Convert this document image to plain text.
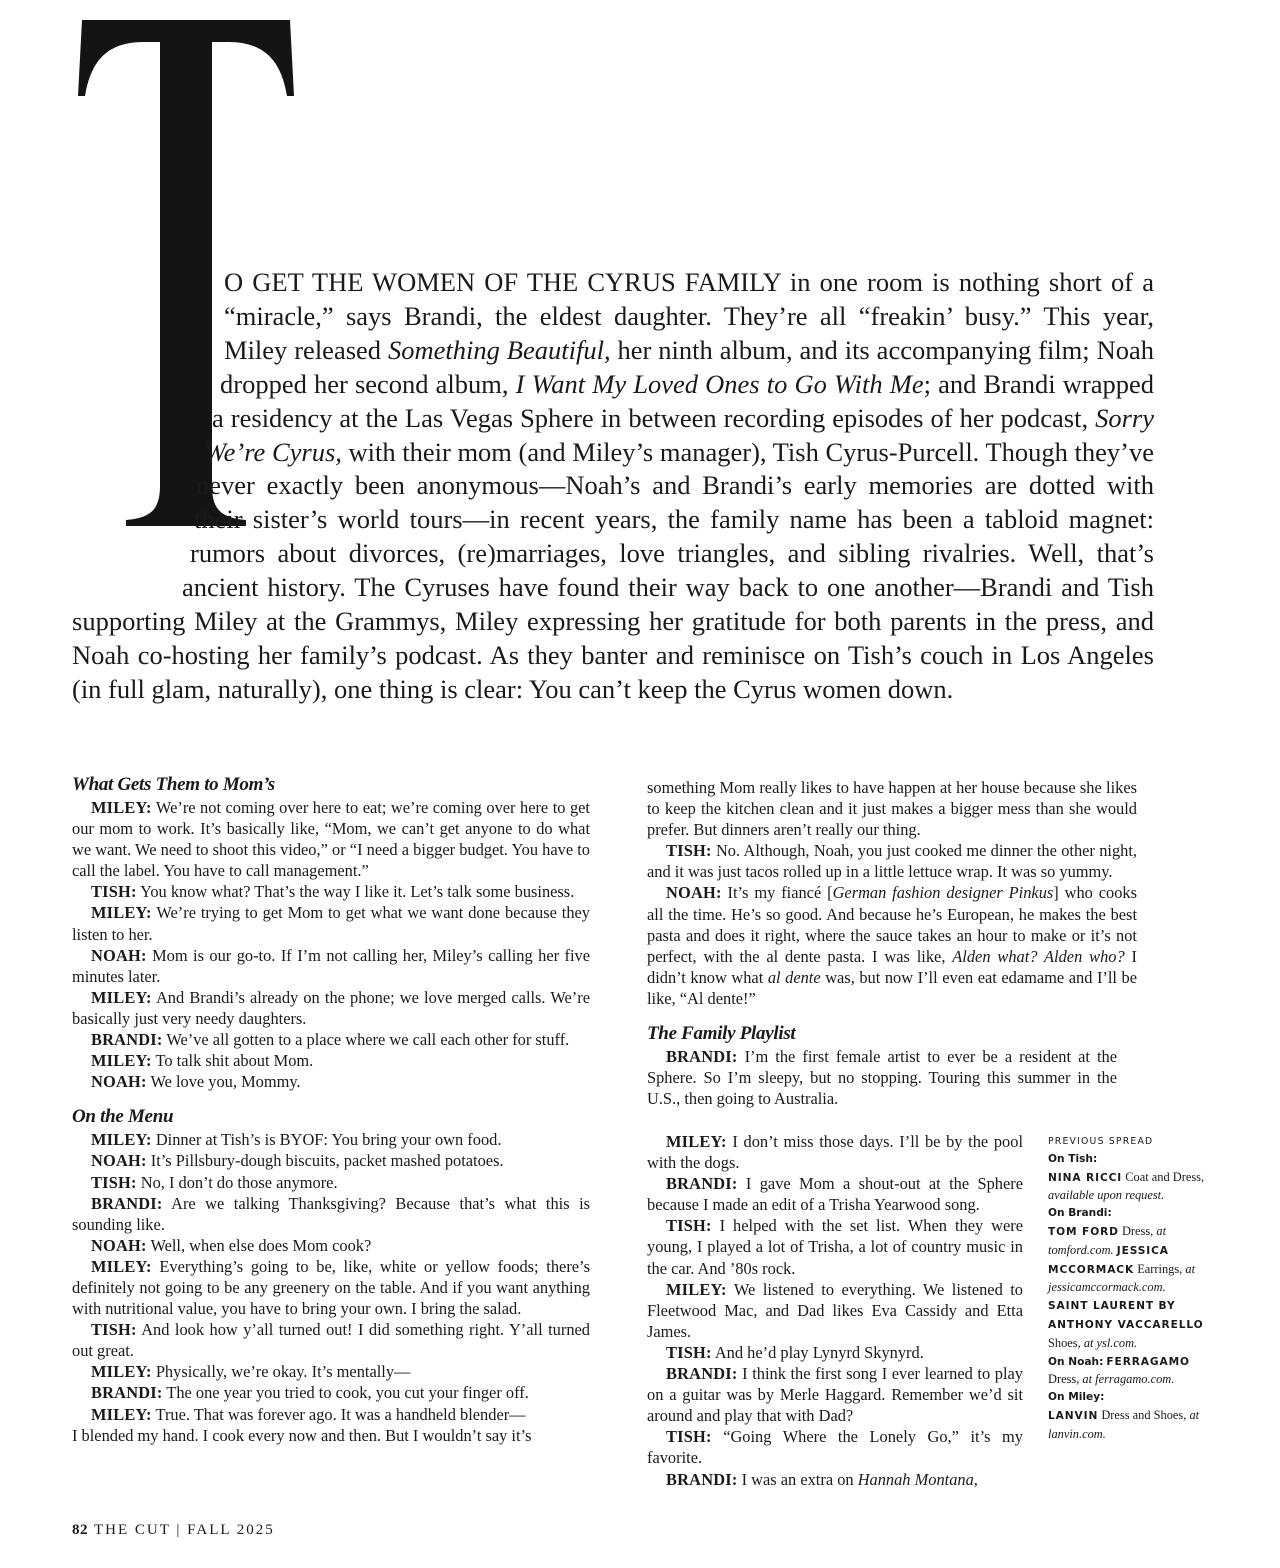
O GET THE WOMEN OF THE CYRUS FAMILY in one room is nothing short of a “miracle,” says Brandi, the eldest daughter. They’re all “freakin’ busy.” This year, Miley released Something Beautiful, her ninth album, and its accompanying film; Noah dropped her second album, I Want My Loved Ones to Go With Me; and Brandi wrapped a residency at the Las Vegas Sphere in between recording episodes of her podcast, Sorry We’re Cyrus, with their mom (and Miley’s manager), Tish Cyrus-Purcell. Though they’ve never exactly been anonymous—Noah’s and Brandi’s early memories are dotted with their sister’s world tours—in recent years, the family name has been a tabloid magnet: rumors about divorces, (re)marriages, love triangles, and sibling rivalries. Well, that’s ancient history. The Cyruses have found their way back to one another—Brandi and Tish supporting Miley at the Grammys, Miley expressing her gratitude for both parents in the press, and Noah co-hosting her family’s podcast. As they banter and reminisce on Tish’s couch in Los Angeles (in full glam, naturally), one thing is clear: You can’t keep the Cyrus women down.

What Gets Them to Mom’s

MILEY: We’re not coming over here to eat; we’re coming over here to get our mom to work. It’s basically like, “Mom, we can’t get anyone to do what we want. We need to shoot this video,” or “I need a bigger budget. You have to call the label. You have to call management.”

TISH: You know what? That’s the way I like it. Let’s talk some business.

MILEY: We’re trying to get Mom to get what we want done because they listen to her.

NOAH: Mom is our go-to. If I’m not calling her, Miley’s calling her five minutes later.

MILEY: And Brandi’s already on the phone; we love merged calls. We’re basically just very needy daughters.

BRANDI: We’ve all gotten to a place where we call each other for stuff.

MILEY: To talk shit about Mom.

NOAH: We love you, Mommy.

On the Menu

MILEY: Dinner at Tish’s is BYOF: You bring your own food.

NOAH: It’s Pillsbury-dough biscuits, packet mashed potatoes.

TISH: No, I don’t do those anymore.

BRANDI: Are we talking Thanksgiving? Because that’s what this is sounding like.

NOAH: Well, when else does Mom cook?

MILEY: Everything’s going to be, like, white or yellow foods; there’s definitely not going to be any greenery on the table. And if you want anything with nutritional value, you have to bring your own. I bring the salad.

TISH: And look how y’all turned out! I did something right. Y’all turned out great.

MILEY: Physically, we’re okay. It’s mentally—

BRANDI: The one year you tried to cook, you cut your finger off.

MILEY: True. That was forever ago. It was a handheld blender—

I blended my hand. I cook every now and then. But I wouldn’t say it’s

something Mom really likes to have happen at her house because she likes to keep the kitchen clean and it just makes a bigger mess than she would prefer. But dinners aren’t really our thing.

TISH: No. Although, Noah, you just cooked me dinner the other night, and it was just tacos rolled up in a little lettuce wrap. It was so yummy.

NOAH: It’s my fiancé [German fashion designer Pinkus] who cooks all the time. He’s so good. And because he’s European, he makes the best pasta and does it right, where the sauce takes an hour to make or it’s not perfect, with the al dente pasta. I was like, Alden what? Alden who? I didn’t know what al dente was, but now I’ll even eat edamame and I’ll be like, “Al dente!”

The Family Playlist

BRANDI: I’m the first female artist to ever be a resident at the Sphere. So I’m sleepy, but no stopping. Touring this summer in the U.S., then going to Australia.

MILEY: I don’t miss those days. I’ll be by the pool with the dogs.

BRANDI: I gave Mom a shout-out at the Sphere because I made an edit of a Trisha Yearwood song.

TISH: I helped with the set list. When they were young, I played a lot of Trisha, a lot of country music in the car. And ’80s rock.

MILEY: We listened to everything. We listened to Fleetwood Mac, and Dad likes Eva Cassidy and Etta James.

TISH: And he’d play Lynyrd Skynyrd.

BRANDI: I think the first song I ever learned to play on a guitar was by Merle Haggard. Remember we’d sit around and play that with Dad?

TISH: “Going Where the Lonely Go,” it’s my favorite.

BRANDI: I was an extra on Hannah Montana,

PREVIOUS SPREAD
On Tish:
NINA RICCI Coat and Dress, available upon request.
On Brandi:
TOM FORD Dress, at tomford.com. JESSICA MCCORMACK Earrings, at jessicamccormack.com. SAINT LAURENT BY ANTHONY VACCARELLO Shoes, at ysl.com.
On Noah: FERRAGAMO Dress, at ferragamo.com.
On Miley:
LANVIN Dress and Shoes, at lanvin.com.
82 THE CUT | FALL 2025
